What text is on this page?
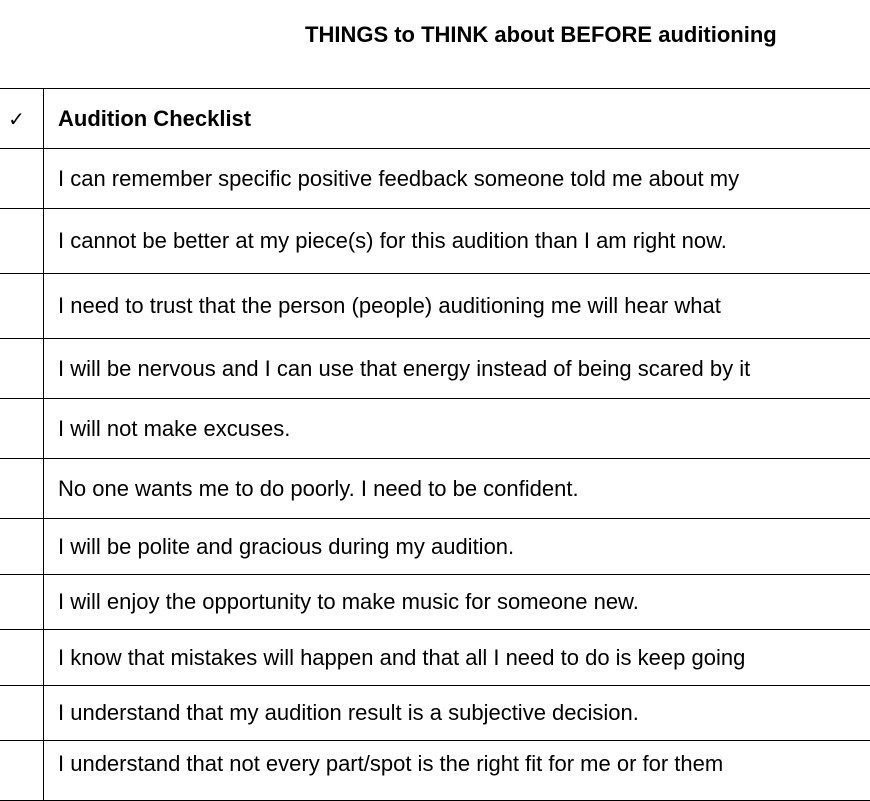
THINGS to THINK about BEFORE auditioning
✓	Audition Checklist
I can remember specific positive feedback someone told me about my
I cannot be better at my piece(s) for this audition than I am right now.
I need to trust that the person (people) auditioning me will hear what
I will be nervous and I can use that energy instead of being scared by it
I will not make excuses.
No one wants me to do poorly. I need to be confident.
I will be polite and gracious during my audition.
I will enjoy the opportunity to make music for someone new.
I know that mistakes will happen and that all I need to do is keep going
I understand that my audition result is a subjective decision.
I understand that not every part/spot is the right fit for me or for them
